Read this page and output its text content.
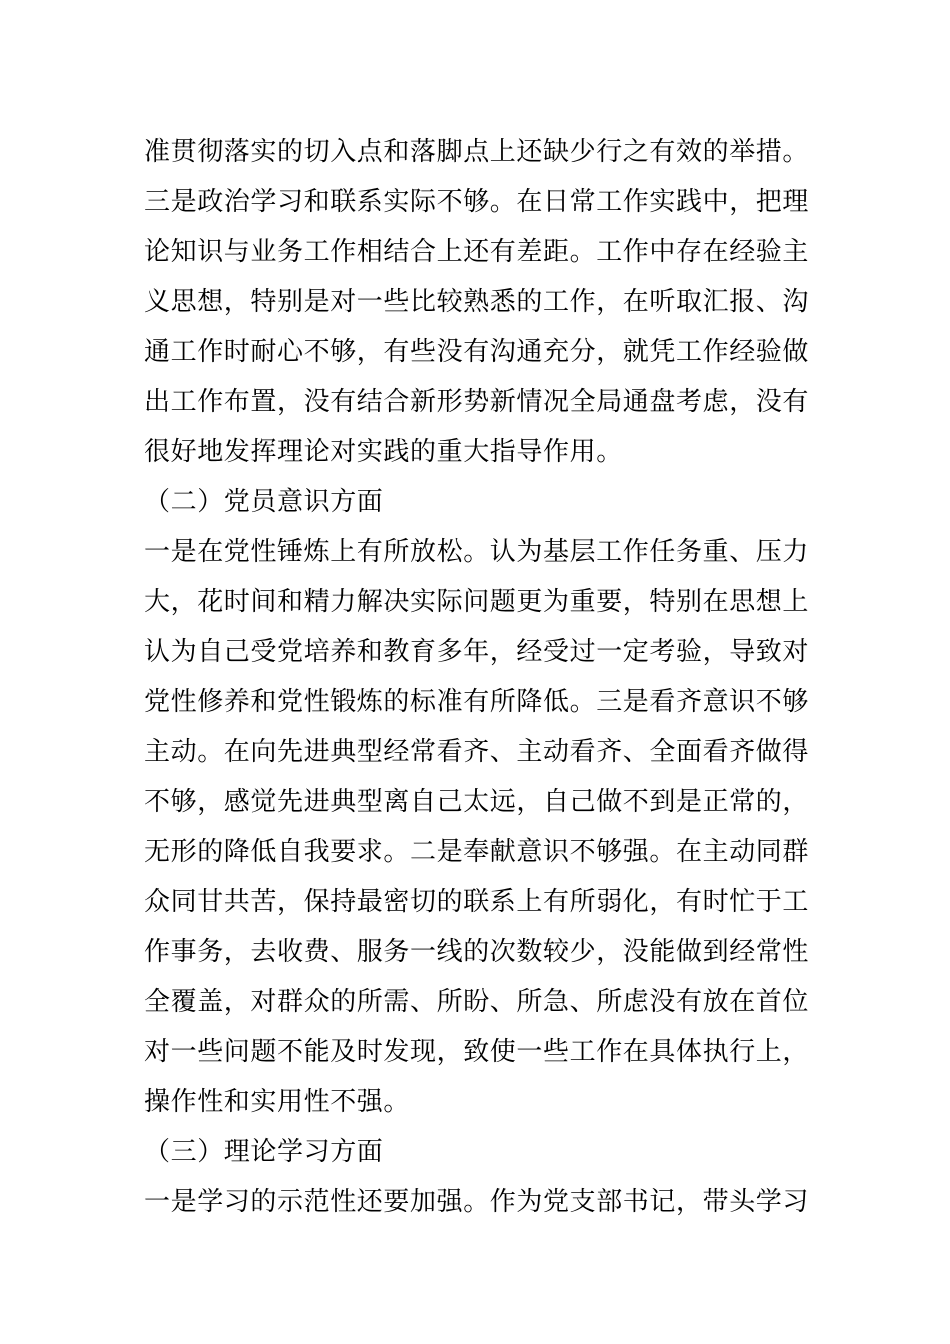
准贯彻落实的切入点和落脚点上还缺少行之有效的举措。
三是政治学习和联系实际不够。在日常工作实践中，把理
论知识与业务工作相结合上还有差距。工作中存在经验主
义思想，特别是对一些比较熟悉的工作，在听取汇报、沟
通工作时耐心不够，有些没有沟通充分，就凭工作经验做
出工作布置，没有结合新形势新情况全局通盘考虑，没有
很好地发挥理论对实践的重大指导作用。
（二）党员意识方面
一是在党性锤炼上有所放松。认为基层工作任务重、压力
大，花时间和精力解决实际问题更为重要，特别在思想上
认为自己受党培养和教育多年，经受过一定考验，导致对
党性修养和党性锻炼的标准有所降低。三是看齐意识不够
主动。在向先进典型经常看齐、主动看齐、全面看齐做得
不够，感觉先进典型离自己太远，自己做不到是正常的，
无形的降低自我要求。二是奉献意识不够强。在主动同群
众同甘共苦，保持最密切的联系上有所弱化，有时忙于工
作事务，去收费、服务一线的次数较少，没能做到经常性
全覆盖，对群众的所需、所盼、所急、所虑没有放在首位
对一些问题不能及时发现，致使一些工作在具体执行上，
操作性和实用性不强。
（三）理论学习方面
一是学习的示范性还要加强。作为党支部书记，带头学习
